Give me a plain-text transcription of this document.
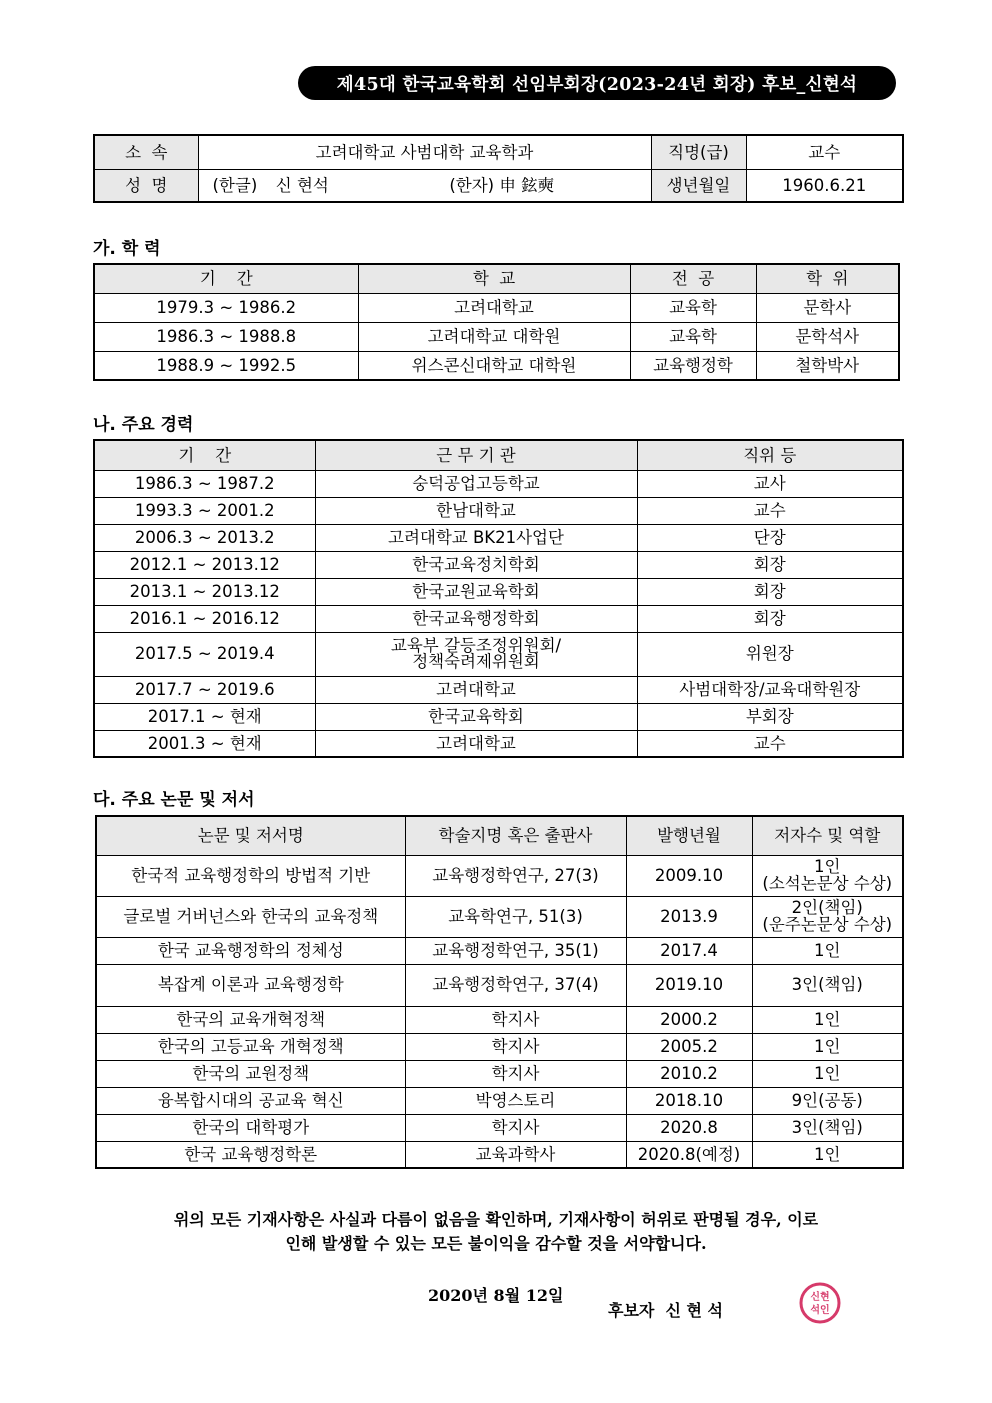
제45대 한국교육학회 선임부회장(2023-24년 회장) 후보_신현석
소  속	고려대학교 사범대학 교육학과	직명(급)	교수
성  명	(한글) 신 현석 (한자) 申 鉉奭	생년월일	1960.6.21
가. 학 력
기    간	학  교	전  공	학  위
1979.3 ~ 1986.2	고려대학교	교육학	문학사
1986.3 ~ 1988.8	고려대학교 대학원	교육학	문학석사
1988.9 ~ 1992.5	위스콘신대학교 대학원	교육행정학	철학박사
나. 주요 경력
기    간	근 무 기 관	직위 등
1986.3 ~ 1987.2	숭덕공업고등학교	교사
1993.3 ~ 2001.2	한남대학교	교수
2006.3 ~ 2013.2	고려대학교 BK21사업단	단장
2012.1 ~ 2013.12	한국교육정치학회	회장
2013.1 ~ 2013.12	한국교원교육학회	회장
2016.1 ~ 2016.12	한국교육행정학회	회장
2017.5 ~ 2019.4	교육부 갈등조정위원회/
정책숙려제위원회	위원장
2017.7 ~ 2019.6	고려대학교	사범대학장/교육대학원장
2017.1 ~ 현재	한국교육학회	부회장
2001.3 ~ 현재	고려대학교	교수
다. 주요 논문 및 저서
논문 및 저서명	학술지명 혹은 출판사	발행년월	저자수 및 역할
한국적 교육행정학의 방법적 기반	교육행정학연구, 27(3)	2009.10	1인
(소석논문상 수상)
글로벌 거버넌스와 한국의 교육정책	교육학연구, 51(3)	2013.9	2인(책임)
(운주논문상 수상)
한국 교육행정학의 정체성	교육행정학연구, 35(1)	2017.4	1인
복잡계 이론과 교육행정학	교육행정학연구, 37(4)	2019.10	3인(책임)
한국의 교육개혁정책	학지사	2000.2	1인
한국의 고등교육 개혁정책	학지사	2005.2	1인
한국의 교원정책	학지사	2010.2	1인
융복합시대의 공교육 혁신	박영스토리	2018.10	9인(공동)
한국의 대학평가	학지사	2020.8	3인(책임)
한국 교육행정학론	교육과학사	2020.8(예정)	1인
위의 모든 기재사항은 사실과 다름이 없음을 확인하며, 기재사항이 허위로 판명될 경우, 이로
인해 발생할 수 있는 모든 불이익을 감수할 것을 서약합니다.
2020년 8월 12일
후보자  신 현 석
신현
석인
